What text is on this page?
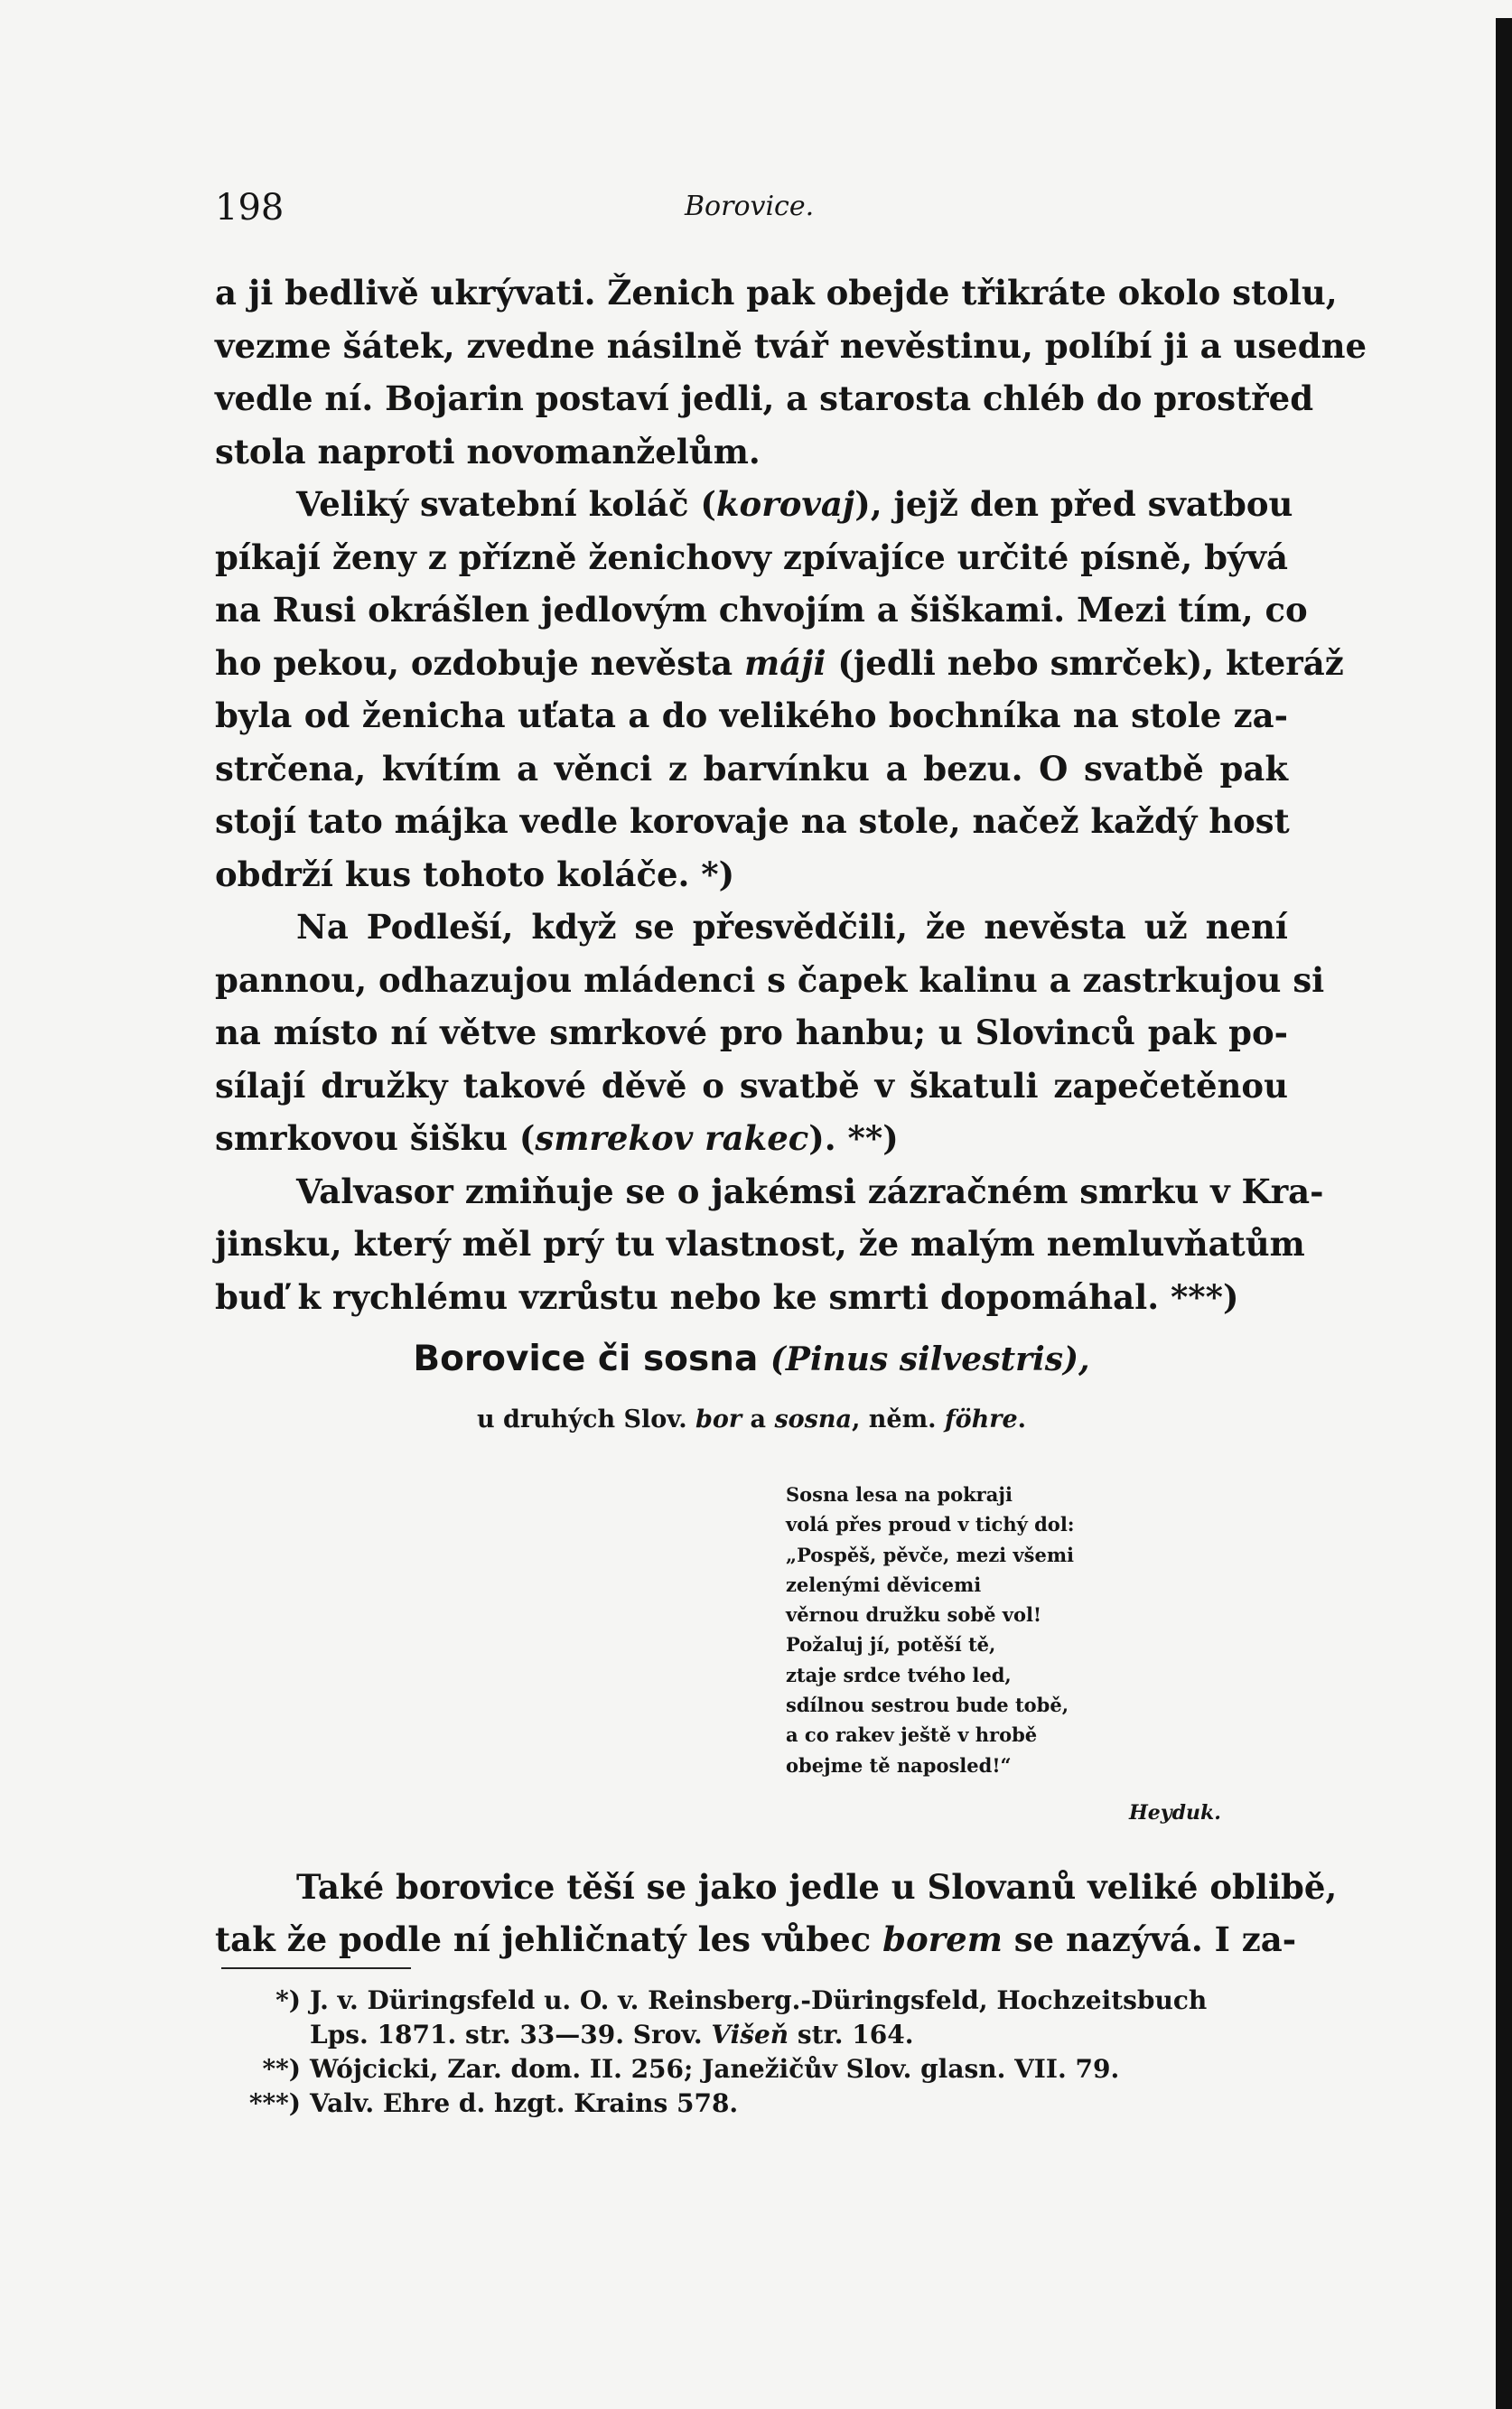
198	Borovice.

a ji bedlivě ukrývati. Ženich pak obejde třikráte okolo stolu,
vezme šátek, zvedne násilně tvář nevěstinu, políbí ji a usedne
vedle ní. Bojarin postaví jedli, a starosta chléb do prostřed
stola naproti novomanželům.

Veliký svatební koláč (korovaj), jejž den před svatbou
píkají ženy z přízně ženichovy zpívajíce určité písně, bývá
na Rusi okrášlen jedlovým chvojím a šiškami. Mezi tím, co
ho pekou, ozdobuje nevěsta máji (jedli nebo smrček), kteráž
byla od ženicha uťata a do velikého bochníka na stole za-
strčena, kvítím a věnci z barvínku a bezu. O svatbě pak
stojí tato májka vedle korovaje na stole, načež každý host
obdrží kus tohoto koláče. *)

Na Podleší, když se přesvědčili, že nevěsta už není
pannou, odhazujou mládenci s čapek kalinu a zastrkujou si
na místo ní větve smrkové pro hanbu; u Slovinců pak po-
sílají družky takové děvě o svatbě v škatuli zapečetěnou
smrkovou šišku (smrekov rakec). **)

Valvasor zmiňuje se o jakémsi zázračném smrku v Kra-
jinsku, který měl prý tu vlastnost, že malým nemluvňatům
buď k rychlému vzrůstu nebo ke smrti dopomáhal. ***)

Borovice či sosna (Pinus silvestris),
u druhých Slov. bor a sosna, něm. föhre.
Sosna lesa na pokraji
volá přes proud v tichý dol:
„Pospěš, pěvče, mezi všemi
zelenými děvicemi
věrnou družku sobě vol!
Požaluj jí, potěší tě,
ztaje srdce tvého led,
sdílnou sestrou bude tobě,
a co rakev ještě v hrobě
obejme tě naposled!“
Heyduk.
Také borovice těší se jako jedle u Slovanů veliké oblibě,
tak že podle ní jehličnatý les vůbec borem se nazývá. I za-
*) J. v. Düringsfeld u. O. v. Reinsberg.-Düringsfeld, Hochzeitsbuch
Lps. 1871. str. 33—39. Srov. Višeň str. 164.
**) Wójcicki, Zar. dom. II. 256; Janežičův Slov. glasn. VII. 79.
***) Valv. Ehre d. hzgt. Krains 578.
